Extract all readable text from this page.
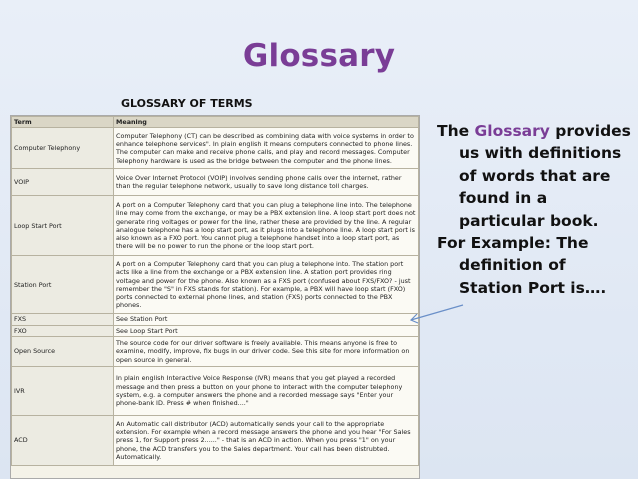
Glossary
GLOSSARY OF TERMS
Term	Meaning
Computer Telephony	Computer Telephony (CT) can be described as combining data with voice systems in order to enhance telephone services". In plain english it means computers connected to phone lines. The computer can make and receive phone calls, and play and record messages. Computer Telephony hardware is used as the bridge between the computer and the phone lines.
VOIP	Voice Over Internet Protocol (VOIP) involves sending phone calls over the internet, rather than the regular telephone network, usually to save long distance toll charges.
Loop Start Port	A port on a Computer Telephony card that you can plug a telephone line into. The telephone line may come from the exchange, or may be a PBX extension line. A loop start port does not generate ring voltages or power for the line, rather these are provided by the line. A regular analogue telephone has a loop start port, as it plugs into a telephone line. A loop start port is also known as a FXO port. You cannot plug a telephone handset into a loop start port, as there will be no power to run the phone or the loop start port.
Station Port	A port on a Computer Telephony card that you can plug a telephone into. The station port acts like a line from the exchange or a PBX extension line. A station port provides ring voltage and power for the phone. Also known as a FXS port (confused about FXS/FXO? - just remember the "S" in FXS stands for station). For example, a PBX will have loop start (FXO) ports connected to external phone lines, and station (FXS) ports connected to the PBX phones.
FXS	See Station Port
FXO	See Loop Start Port
Open Source	The source code for our driver software is freely available. This means anyone is free to examine, modify, improve, fix bugs in our driver code. See this site for more information on open source in general.
IVR	In plain english Interactive Voice Response (IVR) means that you get played a recorded message and then press a button on your phone to interact with the computer telephony system, e.g. a computer answers the phone and a recorded message says "Enter your phone-bank ID. Press # when finished...."
ACD	An Automatic call distributor (ACD) automatically sends your call to the appropriate extension. For example when a record message answers the phone and you hear "For Sales press 1, for Support press 2......" - that is an ACD in action. When you press "1" on your phone, the ACD transfers you to the Sales department. Your call has been distrubted. Automatically.

The Glossary provides us with definitions of words that are found in a particular book.

For Example: The definition of Station Port is….
